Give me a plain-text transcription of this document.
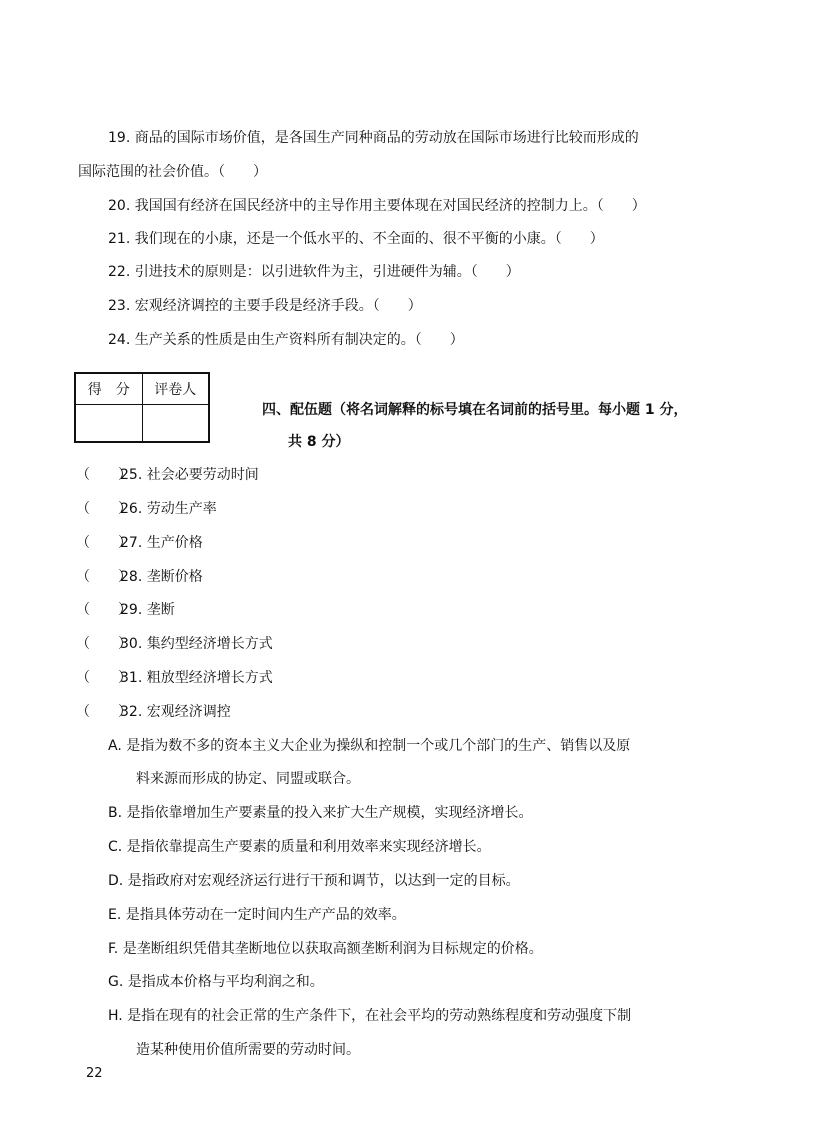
19. 商品的国际市场价值，是各国生产同种商品的劳动放在国际市场进行比较而形成的
国际范围的社会价值。（　　）
20. 我国国有经济在国民经济中的主导作用主要体现在对国民经济的控制力上。（　　）
21. 我们现在的小康，还是一个低水平的、不全面的、很不平衡的小康。（　　）
22. 引进技术的原则是：以引进软件为主，引进硬件为辅。（　　）
23. 宏观经济调控的主要手段是经济手段。（　　）
24. 生产关系的性质是由生产资料所有制决定的。（　　）
得　分	评卷人

四、配伍题（将名词解释的标号填在名词前的括号里。每小题 1 分，
共 8 分）
（　　）25. 社会必要劳动时间
（　　）26. 劳动生产率
（　　）27. 生产价格
（　　）28. 垄断价格
（　　）29. 垄断
（　　）30. 集约型经济增长方式
（　　）31. 粗放型经济增长方式
（　　）32. 宏观经济调控
A. 是指为数不多的资本主义大企业为操纵和控制一个或几个部门的生产、销售以及原
料来源而形成的协定、同盟或联合。
B. 是指依靠增加生产要素量的投入来扩大生产规模，实现经济增长。
C. 是指依靠提高生产要素的质量和利用效率来实现经济增长。
D. 是指政府对宏观经济运行进行干预和调节，以达到一定的目标。
E. 是指具体劳动在一定时间内生产产品的效率。
F. 是垄断组织凭借其垄断地位以获取高额垄断利润为目标规定的价格。
G. 是指成本价格与平均利润之和。
H. 是指在现有的社会正常的生产条件下，在社会平均的劳动熟练程度和劳动强度下制
造某种使用价值所需要的劳动时间。
22
